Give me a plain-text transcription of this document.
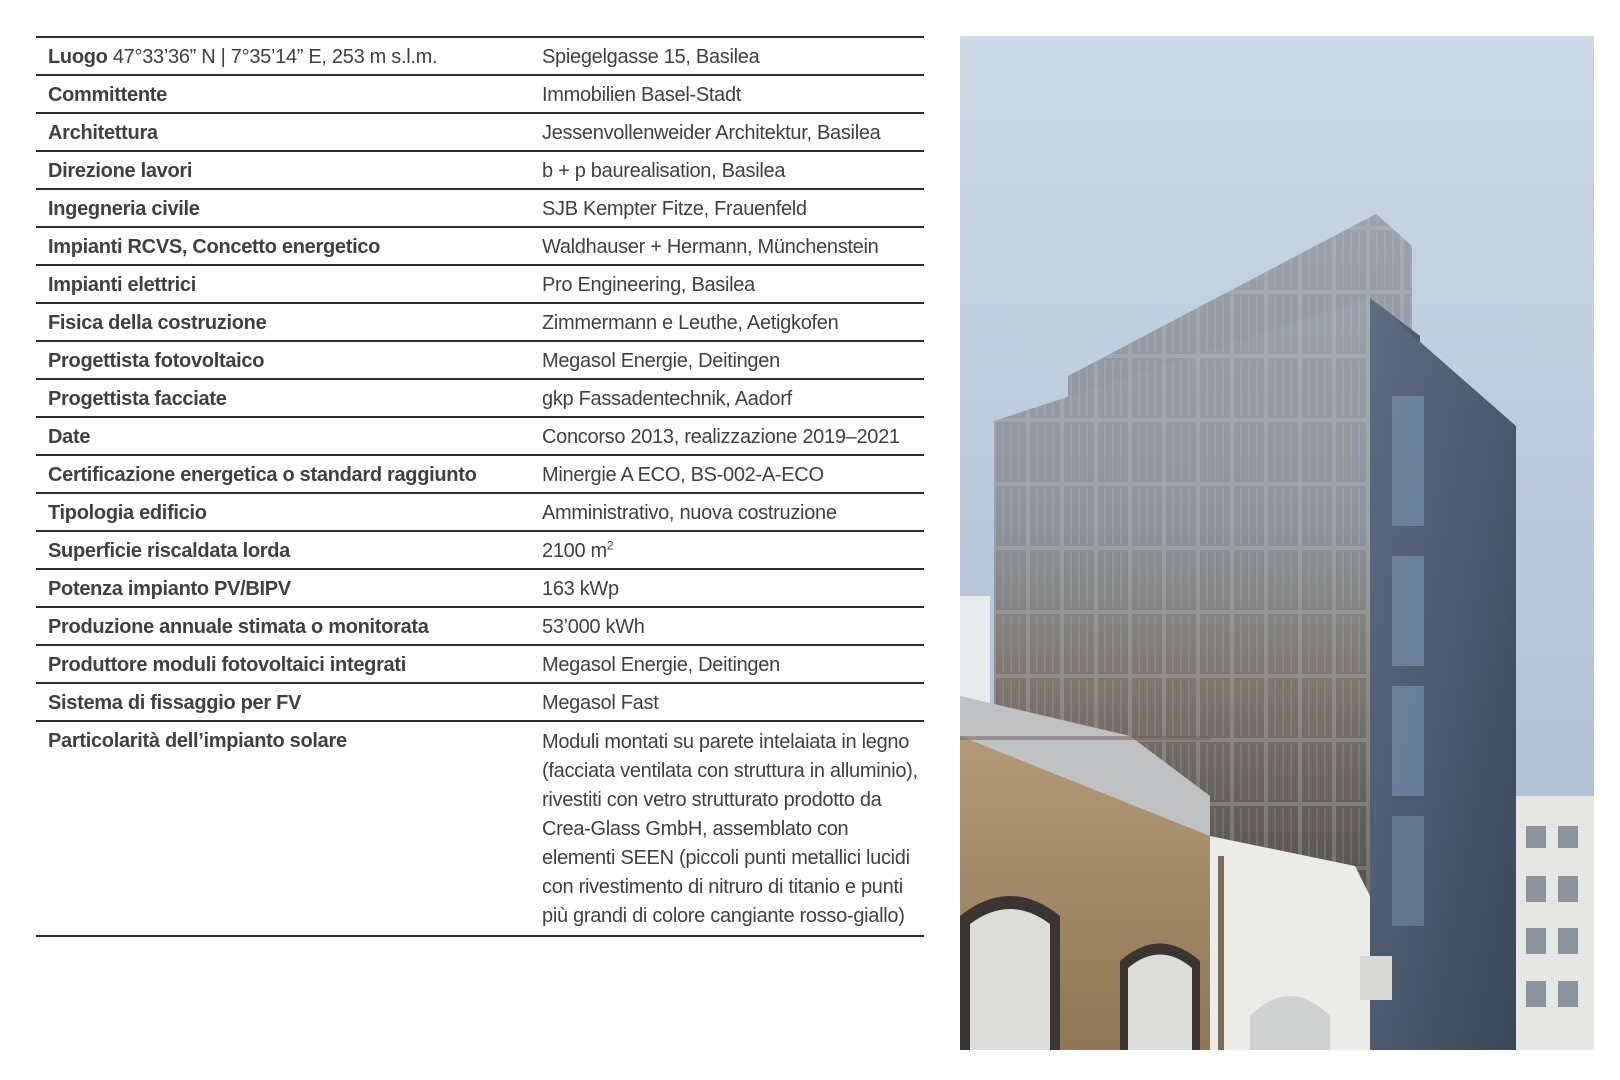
Luogo 47°33’36” N | 7°35’14” E, 253 m s.l.m.	Spiegelgasse 15, Basilea
Committente	Immobilien Basel-Stadt
Architettura	Jessenvollenweider Architektur, Basilea
Direzione lavori	b + p baurealisation, Basilea
Ingegneria civile	SJB Kempter Fitze, Frauenfeld
Impianti RCVS, Concetto energetico	Waldhauser + Hermann, Münchenstein
Impianti elettrici	Pro Engineering, Basilea
Fisica della costruzione	Zimmermann e Leuthe, Aetigkofen
Progettista fotovoltaico	Megasol Energie, Deitingen
Progettista facciate	gkp Fassadentechnik, Aadorf
Date	Concorso 2013, realizzazione 2019–2021
Certificazione energetica o standard raggiunto	Minergie A ECO, BS-002-A-ECO
Tipologia edificio	Amministrativo, nuova costruzione
Superficie riscaldata lorda	2100 $m^2$
Potenza impianto PV/BIPV	163 kWp
Produzione annuale stimata o monitorata	53’000 kWh
Produttore moduli fotovoltaici integrati	Megasol Energie, Deitingen
Sistema di fissaggio per FV	Megasol Fast
Particolarità dell’impianto solare	Moduli montati su parete intelaiata in legno (facciata ventilata con struttura in alluminio), rivestiti con vetro strutturato prodotto da Crea-Glass GmbH, assemblato con elementi SEEN (piccoli punti metallici lucidi con rivestimento di nitruro di titanio e punti più grandi di colore cangiante rosso-giallo)
